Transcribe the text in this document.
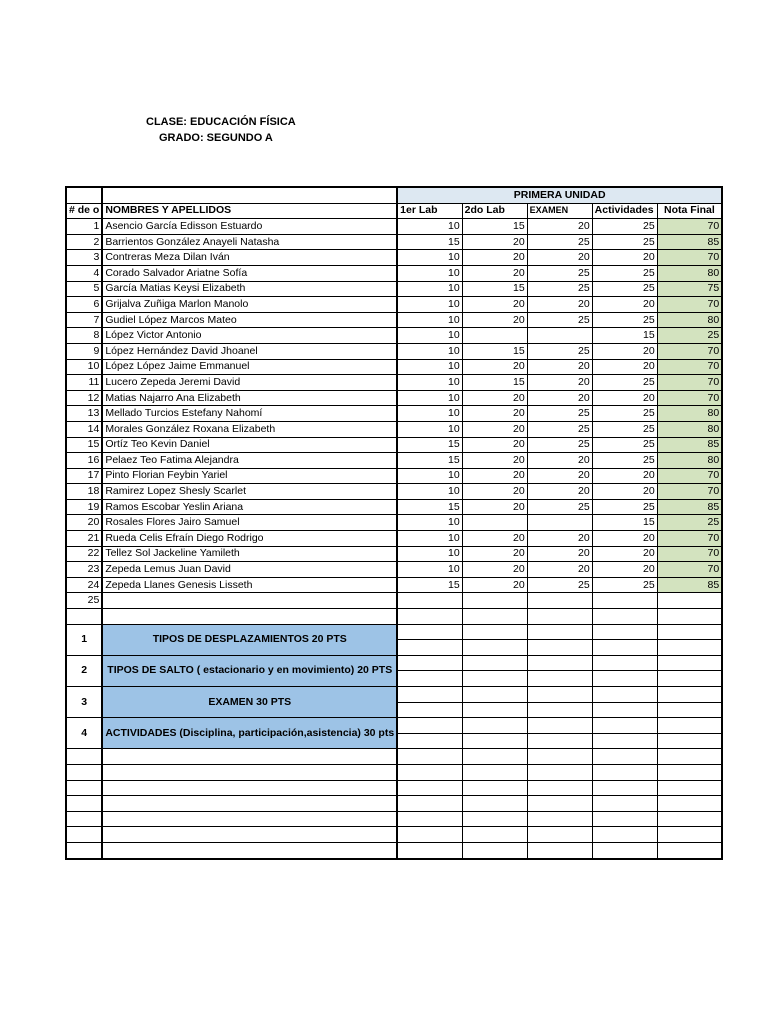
CLASE: EDUCACIÓN FÍSICA
GRADO: SEGUNDO A
		PRIMERA UNIDAD				
# de o	NOMBRES Y APELLIDOS	1er Lab	2do Lab	EXAMEN	Actividades	Nota Final
1	Asencio García Edisson Estuardo	10	15	20	25	70
2	Barrientos González Anayeli Natasha	15	20	25	25	85
3	Contreras Meza Dilan Iván	10	20	20	20	70
4	Corado Salvador Ariatne Sofía	10	20	25	25	80
5	García Matias Keysi Elizabeth	10	15	25	25	75
6	Grijalva Zuñiga Marlon Manolo	10	20	20	20	70
7	Gudiel López Marcos Mateo	10	20	25	25	80
8	López Victor Antonio	10			15	25
9	López Hernández David Jhoanel	10	15	25	20	70
10	López López Jaime Emmanuel	10	20	20	20	70
11	Lucero Zepeda Jeremi David	10	15	20	25	70
12	Matias Najarro Ana Elizabeth	10	20	20	20	70
13	Mellado Turcios Estefany Nahomí	10	20	25	25	80
14	Morales González Roxana Elizabeth	10	20	25	25	80
15	Ortíz Teo Kevin Daniel	15	20	25	25	85
16	Pelaez Teo Fatima Alejandra	15	20	20	25	80
17	Pinto Florian Feybin Yariel	10	20	20	20	70
18	Ramirez Lopez Shesly Scarlet	10	20	20	20	70
19	Ramos Escobar Yeslin Ariana	15	20	25	25	85
20	Rosales Flores Jairo Samuel	10			15	25
21	Rueda Celis Efraín Diego Rodrigo	10	20	20	20	70
22	Tellez Sol Jackeline Yamileth	10	20	20	20	70
23	Zepeda Lemus Juan David	10	20	20	20	70
24	Zepeda Llanes Genesis Lisseth	15	20	25	25	85
25						

1	TIPOS DE DESPLAZAMIENTOS 20 PTS					

2	TIPOS DE SALTO ( estacionario y en movimiento) 20 PTS					

3	EXAMEN 30 PTS					

4	ACTIVIDADES (Disciplina, participación,asistencia) 30 pts					
